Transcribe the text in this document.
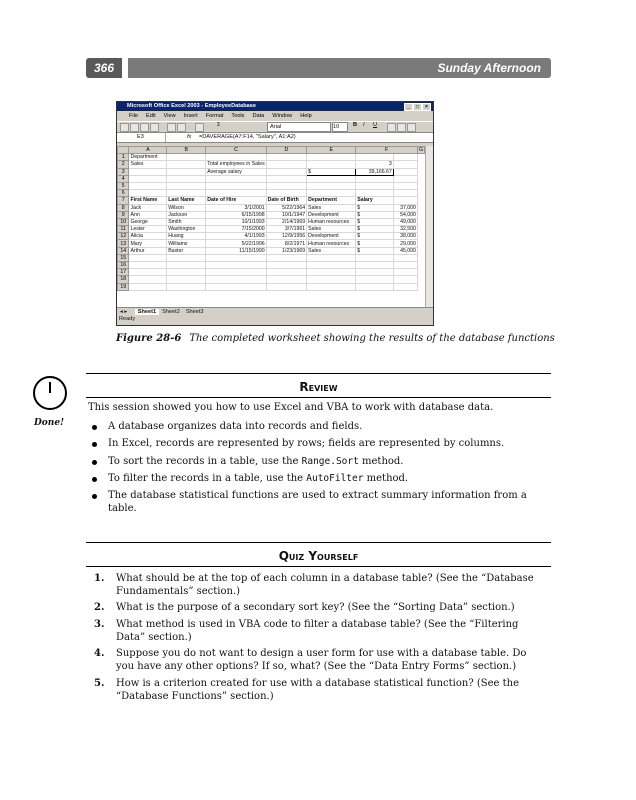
366	Sunday Afternoon
Microsoft Office Excel 2003 - EmployeeDatabase	_	□	×
File Edit View Insert Format Tools Data Window Help
Σ	Arial	10	B I U
E3	fx =DAVERAGE(A7:F14, "Salary", A1:A2)
	A	B	C	D	E	F		G
1	Department							
2	Sales		Total employees in Sales			3		
3			Average salary		$	39,166.67		
4								
5								
6								
7	First Name	Last Name	Date of Hire	Date of Birth	Department	Salary		
8	Jack	Wilson	3/1/2001	5/22/1964	Sales	$	37,000	
9	Ann	Jackson	6/15/1998	10/1/1947	Development	$	54,000	
10	George	Smith	10/1/1993	2/14/1969	Human resources	$	49,000	
11	Lester	Washington	7/15/2000	3/7/1961	Sales	$	32,500	
12	Alicia	Huang	4/1/1993	12/9/1956	Development	$	38,000	
13	Mary	Williams	5/22/1996	8/2/1971	Human resources	$	29,000	
14	Arthur	Baxter	11/15/1990	1/23/1969	Sales	$	45,000	
15								
16								
17								
18								
19								
◂ ▸ Sheet1 Sheet2 Sheet3
Ready
Figure 28-6 The completed worksheet showing the results of the database functions
Done!
Review
This session showed you how to use Excel and VBA to work with database data.
A database organizes data into records and fields.
In Excel, records are represented by rows; fields are represented by columns.
To sort the records in a table, use the Range.Sort method.
To filter the records in a table, use the AutoFilter method.
The database statistical functions are used to extract summary information from a table.
Quiz Yourself
1. What should be at the top of each column in a database table? (See the “Database Fundamentals” section.)
2. What is the purpose of a secondary sort key? (See the “Sorting Data” section.)
3. What method is used in VBA code to filter a database table? (See the “Filtering Data” section.)
4. Suppose you do not want to design a user form for use with a database table. Do you have any other options? If so, what? (See the “Data Entry Forms” section.)
5. How is a criterion created for use with a database statistical function? (See the “Database Functions” section.)
